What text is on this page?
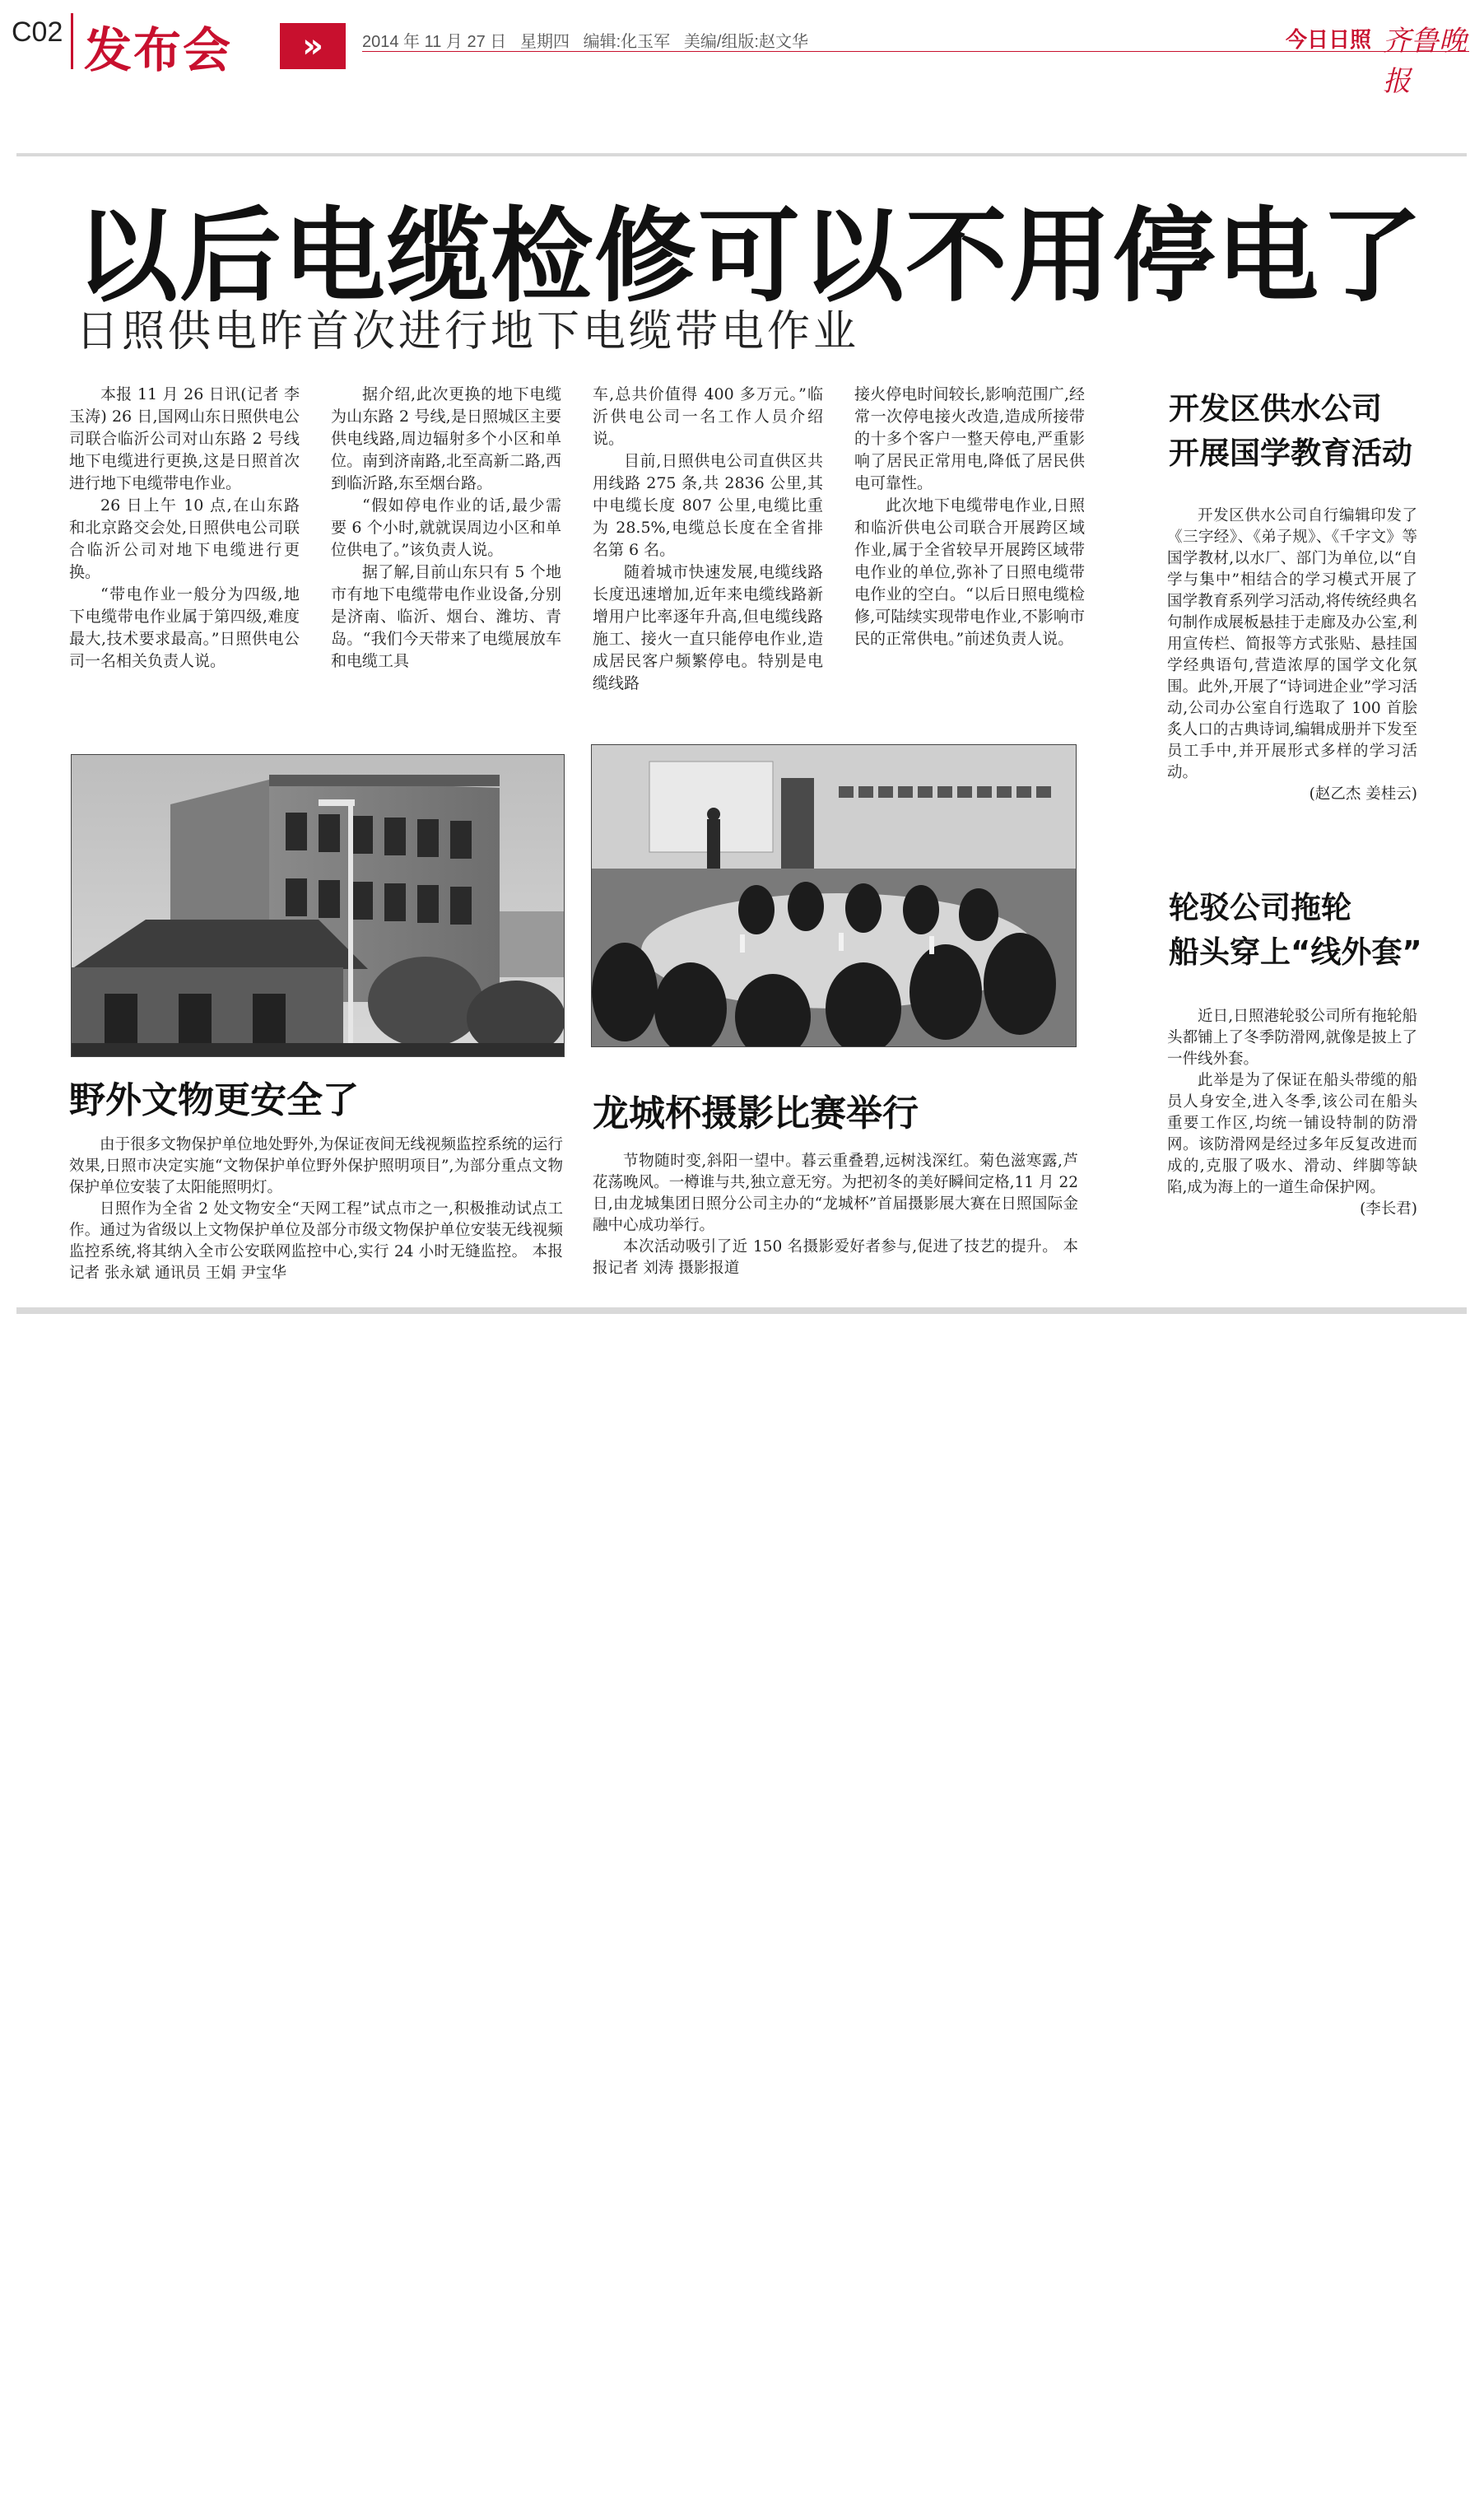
C02 发布会	»	2014 年 11 月 27 日   星期四   编辑:化玉军   美编/组版:赵文华	今日日照 齐鲁晚报
以后电缆检修可以不用停电了
日照供电昨首次进行地下电缆带电作业

本报 11 月 26 日讯(记者 李玉涛) 26 日,国网山东日照供电公司联合临沂公司对山东路 2 号线地下电缆进行更换,这是日照首次进行地下电缆带电作业。

26 日上午 10 点,在山东路和北京路交会处,日照供电公司联合临沂公司对地下电缆进行更换。

“带电作业一般分为四级,地下电缆带电作业属于第四级,难度最大,技术要求最高。”日照供电公司一名相关负责人说。

据介绍,此次更换的地下电缆为山东路 2 号线,是日照城区主要供电线路,周边辐射多个小区和单位。南到济南路,北至高新二路,西到临沂路,东至烟台路。

“假如停电作业的话,最少需要 6 个小时,就就误周边小区和单位供电了。”该负责人说。

据了解,目前山东只有 5 个地市有地下电缆带电作业设备,分别是济南、临沂、烟台、潍坊、青岛。“我们今天带来了电缆展放车和电缆工具

车,总共价值得 400 多万元。”临沂供电公司一名工作人员介绍说。

目前,日照供电公司直供区共用线路 275 条,共 2836 公里,其中电缆长度 807 公里,电缆比重为 28.5%,电缆总长度在全省排名第 6 名。

随着城市快速发展,电缆线路长度迅速增加,近年来电缆线路新增用户比率逐年升高,但电缆线路施工、接火一直只能停电作业,造成居民客户频繁停电。特别是电缆线路

接火停电时间较长,影响范围广,经常一次停电接火改造,造成所接带的十多个客户一整天停电,严重影响了居民正常用电,降低了居民供电可靠性。

此次地下电缆带电作业,日照和临沂供电公司联合开展跨区域作业,属于全省较早开展跨区域带电作业的单位,弥补了日照电缆带电作业的空白。“以后日照电缆检修,可陆续实现带电作业,不影响市民的正常供电。”前述负责人说。

开发区供水公司
开展国学教育活动

开发区供水公司自行编辑印发了《三字经》、《弟子规》、《千字文》等国学教材,以水厂、部门为单位,以“自学与集中”相结合的学习模式开展了国学教育系列学习活动,将传统经典名句制作成展板悬挂于走廊及办公室,利用宣传栏、简报等方式张贴、悬挂国学经典语句,营造浓厚的国学文化氛围。此外,开展了“诗词进企业”学习活动,公司办公室自行选取了 100 首脍炙人口的古典诗词,编辑成册并下发至员工手中,并开展形式多样的学习活动。

(赵乙杰 姜桂云)
轮驳公司拖轮
船头穿上“线外套”

近日,日照港轮驳公司所有拖轮船头都铺上了冬季防滑网,就像是披上了一件线外套。

此举是为了保证在船头带缆的船员人身安全,进入冬季,该公司在船头重要工作区,均统一铺设特制的防滑网。该防滑网是经过多年反复改进而成的,克服了吸水、滑动、绊脚等缺陷,成为海上的一道生命保护网。

(李长君)
野外文物更安全了

由于很多文物保护单位地处野外,为保证夜间无线视频监控系统的运行效果,日照市决定实施“文物保护单位野外保护照明项目”,为部分重点文物保护单位安装了太阳能照明灯。

日照作为全省 2 处文物安全“天网工程”试点市之一,积极推动试点工作。通过为省级以上文物保护单位及部分市级文物保护单位安装无线视频监控系统,将其纳入全市公安联网监控中心,实行 24 小时无缝监控。 本报记者 张永斌 通讯员 王娟 尹宝华

龙城杯摄影比赛举行

节物随时变,斜阳一望中。暮云重叠碧,远树浅深红。菊色滋寒露,芦花荡晚风。一樽谁与共,独立意无穷。为把初冬的美好瞬间定格,11 月 22 日,由龙城集团日照分公司主办的“龙城杯”首届摄影展大赛在日照国际金融中心成功举行。

本次活动吸引了近 150 名摄影爱好者参与,促进了技艺的提升。 本报记者 刘涛 摄影报道
